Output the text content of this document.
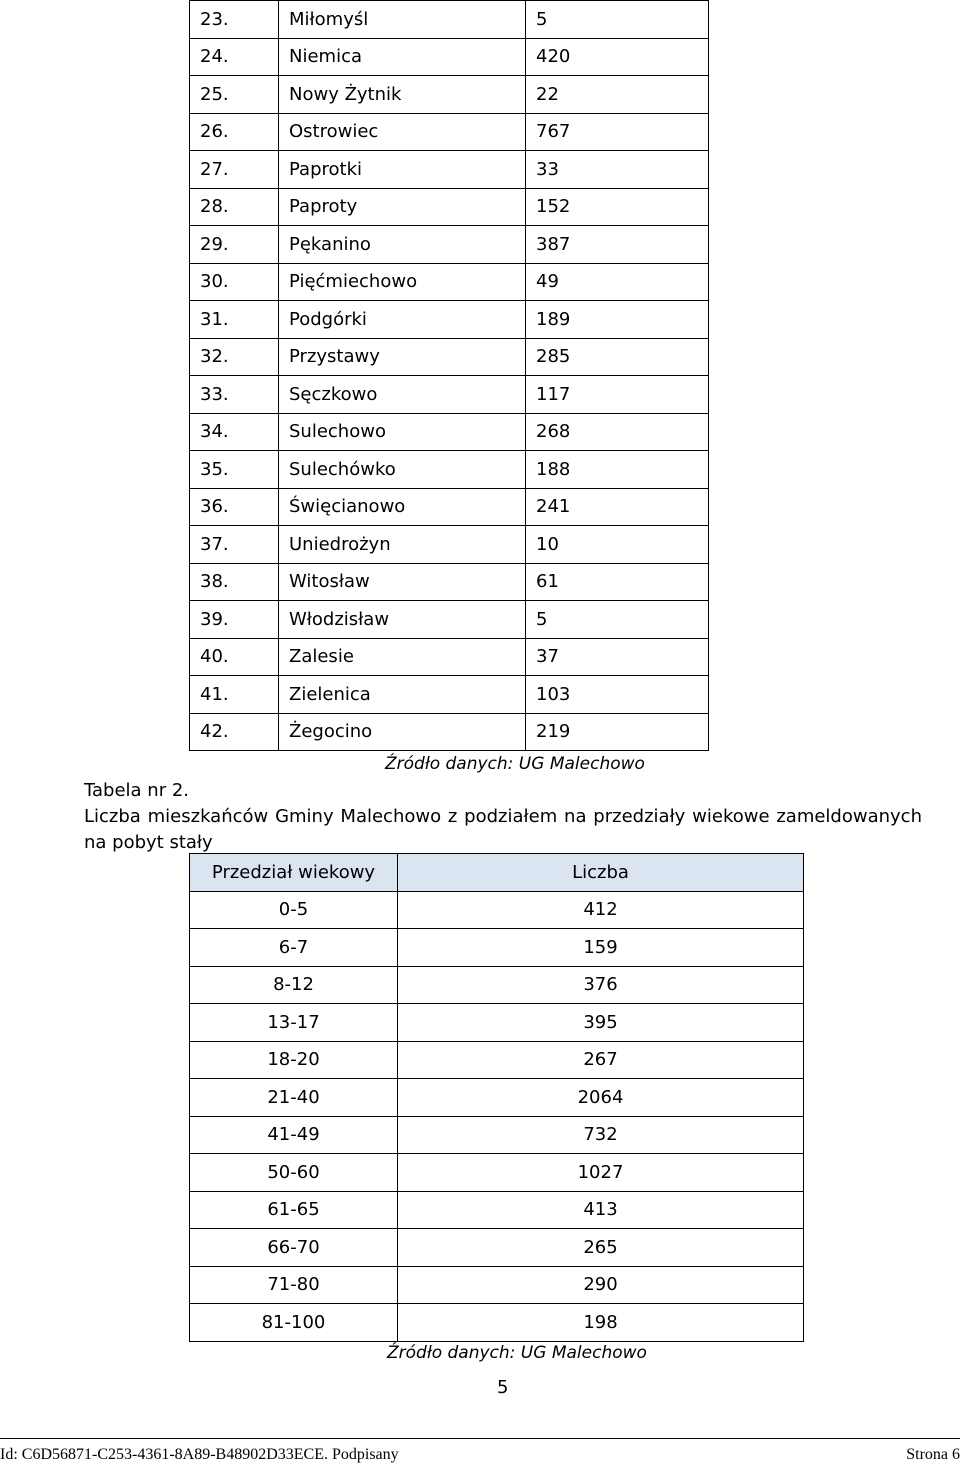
23.	Miłomyśl	5
24.	Niemica	420
25.	Nowy Żytnik	22
26.	Ostrowiec	767
27.	Paprotki	33
28.	Paproty	152
29.	Pękanino	387
30.	Pięćmiechowo	49
31.	Podgórki	189
32.	Przystawy	285
33.	Sęczkowo	117
34.	Sulechowo	268
35.	Sulechówko	188
36.	Święcianowo	241
37.	Uniedrożyn	10
38.	Witosław	61
39.	Włodzisław	5
40.	Zalesie	37
41.	Zielenica	103
42.	Żegocino	219
Źródło danych: UG Malechowo
Tabela nr 2.
Liczba mieszkańców Gminy Malechowo z podziałem na przedziały wiekowe zameldowanych na pobyt stały
Przedział wiekowy	Liczba
0-5	412
6-7	159
8-12	376
13-17	395
18-20	267
21-40	2064
41-49	732
50-60	1027
61-65	413
66-70	265
71-80	290
81-100	198
Źródło danych: UG Malechowo
5
Id: C6D56871-C253-4361-8A89-B48902D33ECE. Podpisany	Strona 6
